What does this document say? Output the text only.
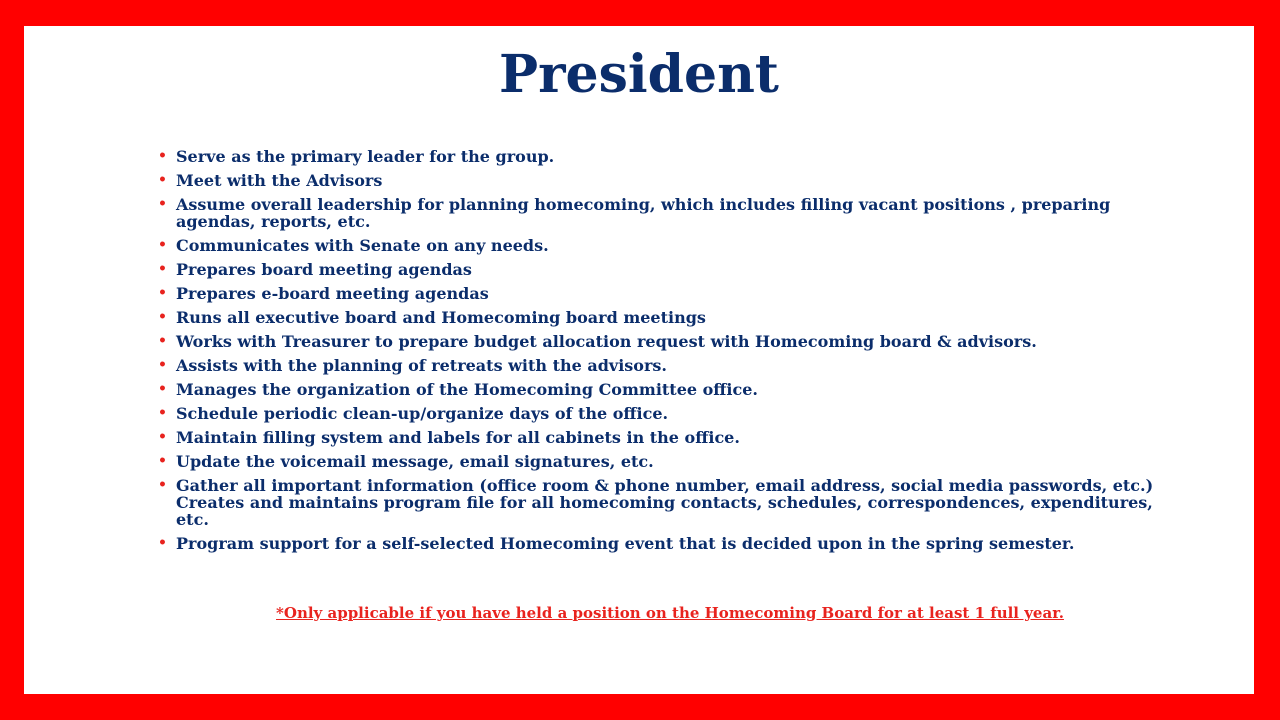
President
• Serve as the primary leader for the group.
• Meet with the Advisors
• Assume overall leadership for planning homecoming, which includes filling vacant positions , preparing agendas, reports, etc.
• Communicates with Senate on any needs.
• Prepares board meeting agendas
• Prepares e-board meeting agendas
• Runs all executive board and Homecoming board meetings
• Works with Treasurer to prepare budget allocation request with Homecoming board & advisors.
• Assists with the planning of retreats with the advisors.
• Manages the organization of the Homecoming Committee office.
• Schedule periodic clean-up/organize days of the office.
• Maintain filling system and labels for all cabinets in the office.
• Update the voicemail message, email signatures, etc.
• Gather all important information (office room & phone number, email address, social media passwords, etc.) Creates and maintains program file for all homecoming contacts, schedules, correspondences, expenditures, etc.
• Program support for a self-selected Homecoming event that is decided upon in the spring semester.

*Only applicable if you have held a position on the Homecoming Board for at least 1 full year.
